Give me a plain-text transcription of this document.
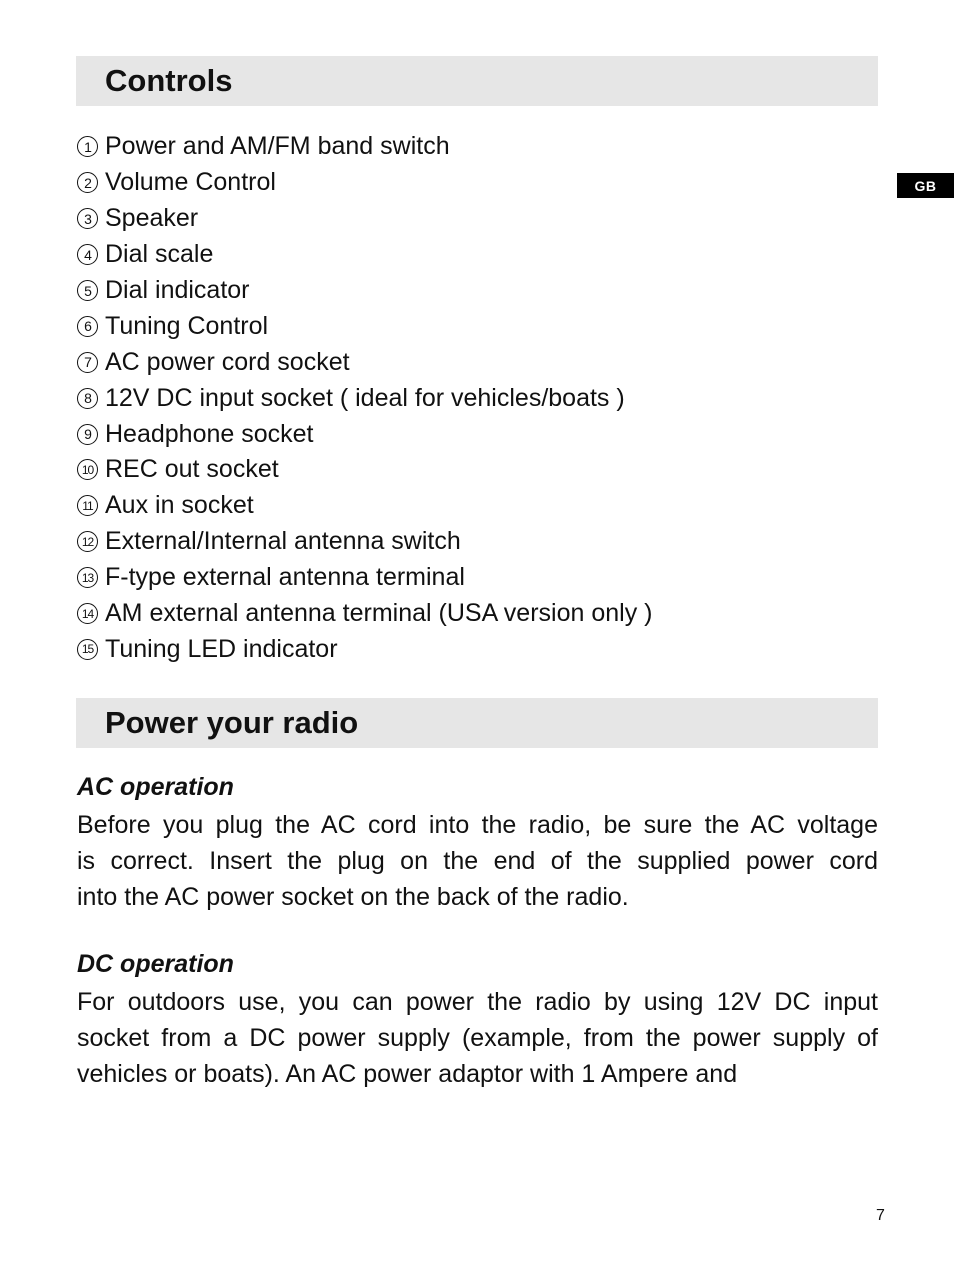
Controls
GB
1 Power and AM/FM band switch
2 Volume Control
3 Speaker
4 Dial scale
5 Dial indicator
6 Tuning Control
7 AC power cord socket
8 12V DC input socket ( ideal for vehicles/boats )
9 Headphone socket
10 REC out socket
11 Aux in socket
12 External/Internal antenna switch
13 F-type external antenna terminal
14 AM external antenna terminal (USA version only )
15 Tuning LED indicator
Power your radio
AC operation

Before you plug the AC cord into the radio, be sure the AC voltage
is correct. Insert the plug on the end of the supplied power cord
into the AC power socket on the back of the radio.

DC operation

For outdoors use, you can power the radio by using 12V DC input
socket from a DC power supply (example, from the power supply of
vehicles or boats). An AC power adaptor with 1 Ampere and

7
